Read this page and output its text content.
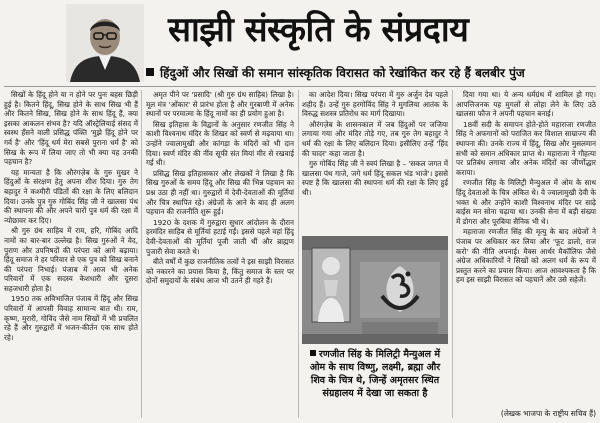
साझी संस्कृति के संप्रदाय
हिंदुओं और सिखों की समान सांस्कृतिक विरासत को रेखांकित कर रहे हैं बलबीर पुंज

सिखों के हिंदू होने या न होने पर पुनः बहस छिड़ी हुई है। कितने हिंदू, सिख होने के साथ सिख भी हैं और कितने सिख, सिख होने के साथ हिंदू हैं, क्या इसका आकलन संभव है? यदि ऑस्ट्रेलियाई संसद में स्वस्थ हँसने वाली प्रसिद्ध पंक्ति 'मुझे हिंदू होने पर गर्व है' और 'हिंदू धर्म मेरा सबसे पुराना धर्म है' को सिख के रूप में लिया जाए तो भी क्या यह उनकी पहचान है?

यह मान्यता है कि औरंगज़ेब के गुरु मुखर ने हिंदुओं के संरक्षण हेतु अपना शीश दिया। गुरु तेग बहादुर ने कश्मीरी पंडितों की रक्षा के लिए बलिदान दिया। उनके पुत्र गुरु गोबिंद सिंह जी ने खालसा पंथ की स्थापना की और अपने चारों पुत्र धर्म की रक्षा में न्योछावर कर दिए।

श्री गुरु ग्रंथ साहिब में राम, हरि, गोबिंद आदि नामों का बार-बार उल्लेख है। सिख गुरुओं ने वेद, पुराण और उपनिषदों की परंपरा को आगे बढ़ाया। हिंदू समाज ने हर परिवार से एक पुत्र को सिख बनाने की परंपरा निभाई। पंजाब में आज भी अनेक परिवारों में एक सदस्य केशधारी और दूसरा सहजधारी होता है।

1950 तक अविभाजित पंजाब में हिंदू और सिख परिवारों में आपसी विवाह सामान्य बात थी। राम, कृष्ण, मुरारी, गोविंद जैसे नाम सिखों में भी प्रचलित रहे हैं और गुरुद्वारों में भजन-कीर्तन एक साथ होते रहे।

अमृत पीने पर 'प्रसादि' (श्री गुरु ग्रंथ साहिब) लिखा है। मूल मंत्र 'ओंकार' से प्रारंभ होता है और गुरबाणी में अनेक स्थानों पर परमात्मा के हिंदू नामों का ही प्रयोग हुआ है।

सिख इतिहास के विद्वानों के अनुसार रणजीत सिंह ने काशी विश्वनाथ मंदिर के शिखर को स्वर्ण से मढ़वाया था। उन्होंने ज्वालामुखी और कांगड़ा के मंदिरों को भी दान दिया। स्वर्ण मंदिर की नींव सूफी संत मियां मीर से रखवाई गई थी।

प्रसिद्ध सिख इतिहासकार और लेखकों ने लिखा है कि सिख गुरुओं के समय हिंदू और सिख की भिन्न पहचान का प्रश्न उठा ही नहीं था। गुरुद्वारों में देवी-देवताओं की मूर्तियां और चित्र स्थापित रहे। अंग्रेजों के आने के बाद ही अलग पहचान की राजनीति शुरू हुई।

1920 के दशक में गुरुद्वारा सुधार आंदोलन के दौरान हरमंदिर साहिब से मूर्तियां हटाई गईं। इससे पहले वहां हिंदू देवी-देवताओं की मूर्तियां पूजी जाती थीं और ब्राह्मण पुजारी सेवा करते थे।

बीते वर्षों में कुछ राजनीतिक तत्वों ने इस साझी विरासत को नकारने का प्रयास किया है, किंतु समाज के स्तर पर दोनों समुदायों के संबंध आज भी उतने ही गहरे हैं।

का आदेश दिया। सिख परंपरा में गुरु अर्जुन देव पहले शहीद हैं। उन्हें गुरु हरगोविंद सिंह ने मुगलिया आतंक के विरुद्ध सशस्त्र प्रतिरोध का मार्ग दिखाया।

औरंगज़ेब के शासनकाल में जब हिंदुओं पर जजिया लगाया गया और मंदिर तोड़े गए, तब गुरु तेग बहादुर ने धर्म की रक्षा के लिए बलिदान दिया। इसीलिए उन्हें 'हिंद की चादर' कहा जाता है।

गुरु गोबिंद सिंह जी ने स्वयं लिखा है – 'सकल जगत में खालसा पंथ गाजे, जगे धर्म हिंदू सकल भंड भाजे'। इससे स्पष्ट है कि खालसा की स्थापना धर्म की रक्षा के लिए हुई थी।

रणजीत सिंह के मिलिट्री मैन्युअल में ओम के साथ विष्णु, लक्ष्मी, ब्रह्मा और शिव के चित्र थे, जिन्हें अमृतसर स्थित संग्रहालय में देखा जा सकता है

दिया गया था। ये अन्य धर्मग्रंथ में शामिल हो गए। आपत्तिजनक यह मुगलों से लोहा लेने के लिए उठे खालसा फौज ने अपनी पहचान बनाई।

18वीं सदी के समापन होते-होते महाराजा रणजीत सिंह ने अफगानों को पराजित कर विशाल साम्राज्य की स्थापना की। उनके राज्य में हिंदू, सिख और मुसलमान सभी को समान अधिकार प्राप्त थे। महाराजा ने गौहत्या पर प्रतिबंध लगाया और अनेक मंदिरों का जीर्णोद्धार कराया।

रणजीत सिंह के मिलिट्री मैन्युअल में ओम के साथ हिंदू देवताओं के चित्र अंकित थे। वे ज्वालामुखी देवी के भक्त थे और उन्होंने काशी विश्वनाथ मंदिर पर साढ़े बाईस मन सोना चढ़ाया था। उनकी सेना में बड़ी संख्या में डोगरा और पूरबिया सैनिक भी थे।

महाराजा रणजीत सिंह की मृत्यु के बाद अंग्रेजों ने पंजाब पर अधिकार कर लिया और 'फूट डालो, राज करो' की नीति अपनाई। मैक्स आर्थर मैकॉलिफ जैसे अंग्रेज अधिकारियों ने सिखों को अलग धर्म के रूप में प्रस्तुत करने का प्रयास किया। आज आवश्यकता है कि हम इस साझी विरासत को पहचानें और उसे सहेजें।

(लेखक भाजपा के राष्ट्रीय सचिव हैं)
